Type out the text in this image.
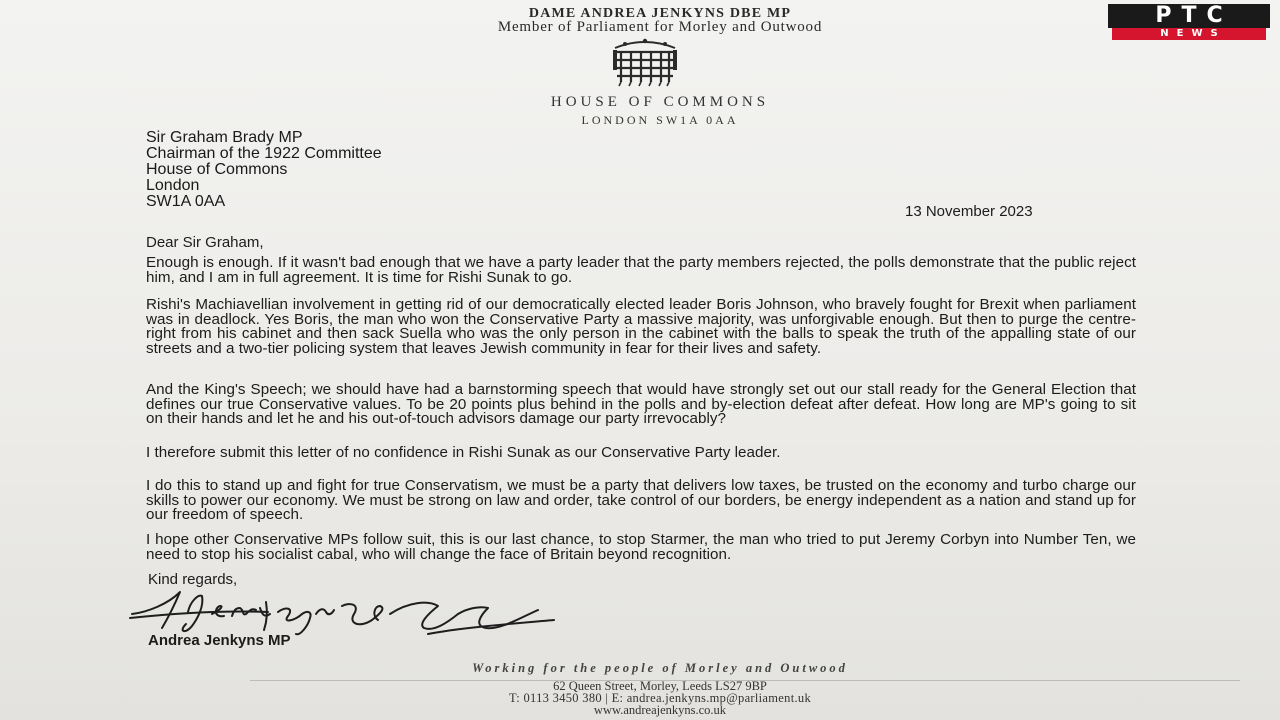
DAME ANDREA JENKYNS DBE MP
Member of Parliament for Morley and Outwood
HOUSE OF COMMONS
LONDON SW1A 0AA
Sir Graham Brady MP
Chairman of the 1922 Committee
House of Commons
London
SW1A 0AA
13 November 2023
Dear Sir Graham,
Enough is enough. If it wasn't bad enough that we have a party leader that the party members rejected, the polls demonstrate that the public reject him, and I am in full agreement. It is time for Rishi Sunak to go.
Rishi's Machiavellian involvement in getting rid of our democratically elected leader Boris Johnson, who bravely fought for Brexit when parliament was in deadlock. Yes Boris, the man who won the Conservative Party a massive majority, was unforgivable enough. But then to purge the centre-right from his cabinet and then sack Suella who was the only person in the cabinet with the balls to speak the truth of the appalling state of our streets and a two-tier policing system that leaves Jewish community in fear for their lives and safety.
And the King's Speech; we should have had a barnstorming speech that would have strongly set out our stall ready for the General Election that defines our true Conservative values. To be 20 points plus behind in the polls and by-election defeat after defeat. How long are MP's going to sit on their hands and let he and his out-of-touch advisors damage our party irrevocably?
I therefore submit this letter of no confidence in Rishi Sunak as our Conservative Party leader.
I do this to stand up and fight for true Conservatism, we must be a party that delivers low taxes, be trusted on the economy and turbo charge our skills to power our economy. We must be strong on law and order, take control of our borders, be energy independent as a nation and stand up for our freedom of speech.
I hope other Conservative MPs follow suit, this is our last chance, to stop Starmer, the man who tried to put Jeremy Corbyn into Number Ten, we need to stop his socialist cabal, who will change the face of Britain beyond recognition.
Kind regards,
Andrea Jenkyns MP
Working for the people of Morley and Outwood
62 Queen Street, Morley, Leeds LS27 9BP
T: 0113 3450 380 | E: andrea.jenkyns.mp@parliament.uk
www.andreajenkyns.co.uk
PTC
NEWS
